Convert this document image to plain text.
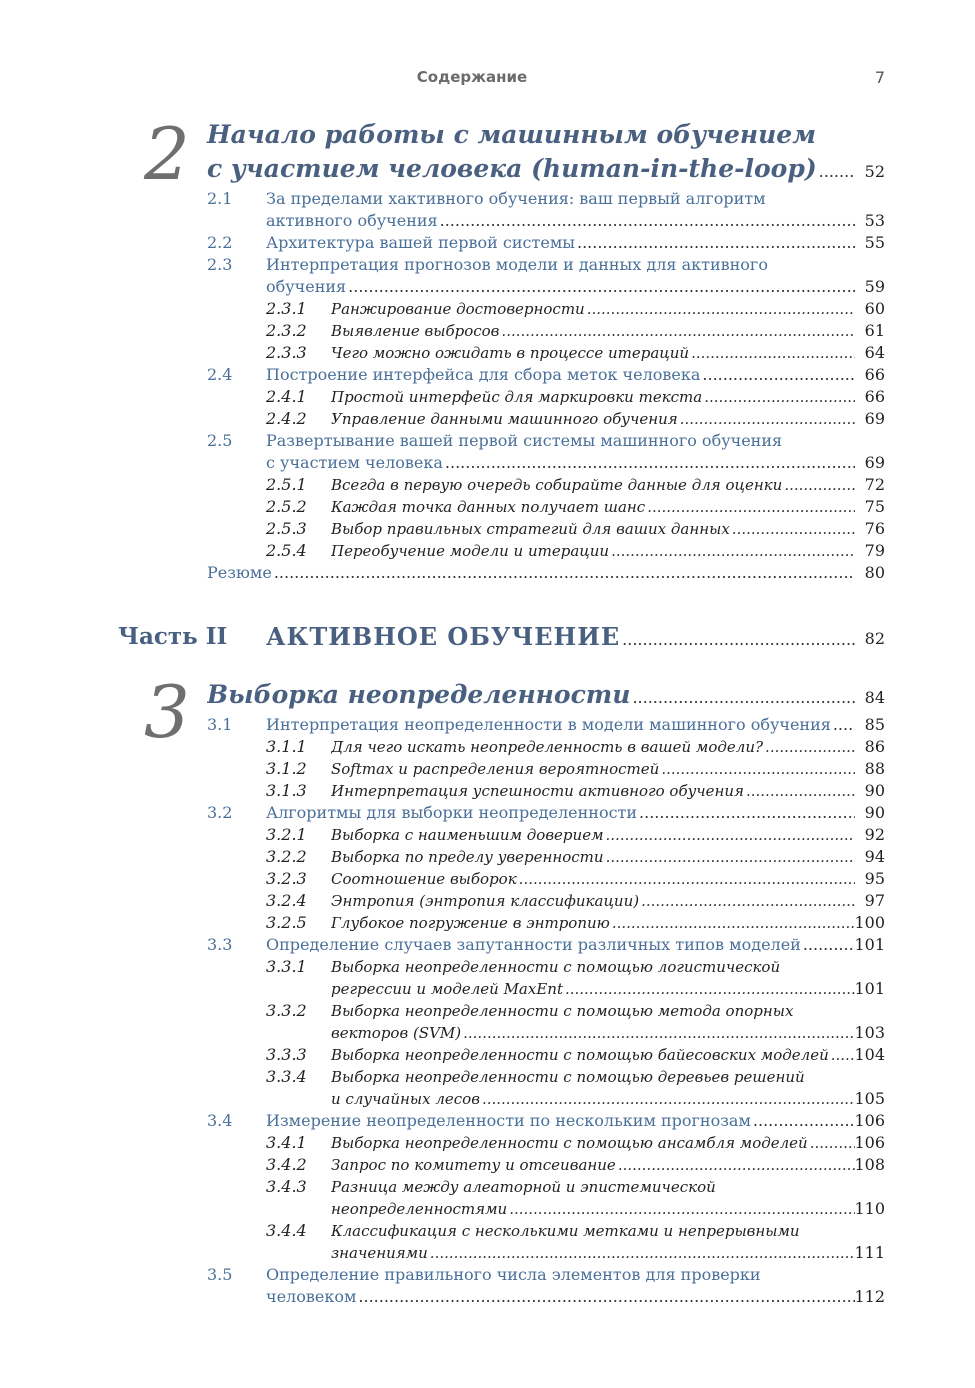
Содержание	7
2 Начало работы с машинным обучением
с участием человека (human-in-the-loop) .....	52
2.1 За пределами хактивного обучения: ваш первый алгоритм
активного обучения .....	53
2.2 Архитектура вашей первой системы .....	55
2.3 Интерпретация прогнозов модели и данных для активного
обучения .....	59
2.3.1 Ранжирование достоверности .....	60
2.3.2 Выявление выбросов .....	61
2.3.3 Чего можно ожидать в процессе итераций .....	64
2.4 Построение интерфейса для сбора меток человека .....	66
2.4.1 Простой интерфейс для маркировки текста .....	66
2.4.2 Управление данными машинного обучения .....	69
2.5 Развертывание вашей первой системы машинного обучения
с участием человека .....	69
2.5.1 Всегда в первую очередь собирайте данные для оценки .....	72
2.5.2 Каждая точка данных получает шанс .....	75
2.5.3 Выбор правильных стратегий для ваших данных .....	76
2.5.4 Переобучение модели и итерации .....	79
Резюме .....	80
Часть II АКТИВНОЕ ОБУЧЕНИЕ .....	82
3 Выборка неопределенности .....	84
3.1 Интерпретация неопределенности в модели машинного обучения ..... 85
3.1.1 Для чего искать неопределенность в вашей модели? .....	86
3.1.2 Softmax и распределения вероятностей .....	88
3.1.3 Интерпретация успешности активного обучения .....	90
3.2 Алгоритмы для выборки неопределенности .....	90
3.2.1 Выборка с наименьшим доверием .....	92
3.2.2 Выборка по пределу уверенности .....	94
3.2.3 Соотношение выборок .....	95
3.2.4 Энтропия (энтропия классификации) .....	97
3.2.5 Глубокое погружение в энтропию .....	100
3.3 Определение случаев запутанности различных типов моделей .....	101
3.3.1 Выборка неопределенности с помощью логистической
регрессии и моделей MaxEnt .....	101
3.3.2 Выборка неопределенности с помощью метода опорных
векторов (SVM) .....	103
3.3.3 Выборка неопределенности с помощью байесовских моделей ..... 104
3.3.4 Выборка неопределенности с помощью деревьев решений
и случайных лесов .....	105
3.4 Измерение неопределенности по нескольким прогнозам .....	106
3.4.1 Выборка неопределенности с помощью ансамбля моделей .....	106
3.4.2 Запрос по комитету и отсеивание .....	108
3.4.3 Разница между алеаторной и эпистемической
неопределенностями .....	110
3.4.4 Классификация с несколькими метками и непрерывными
значениями .....	111
3.5 Определение правильного числа элементов для проверки
человеком .....	112
